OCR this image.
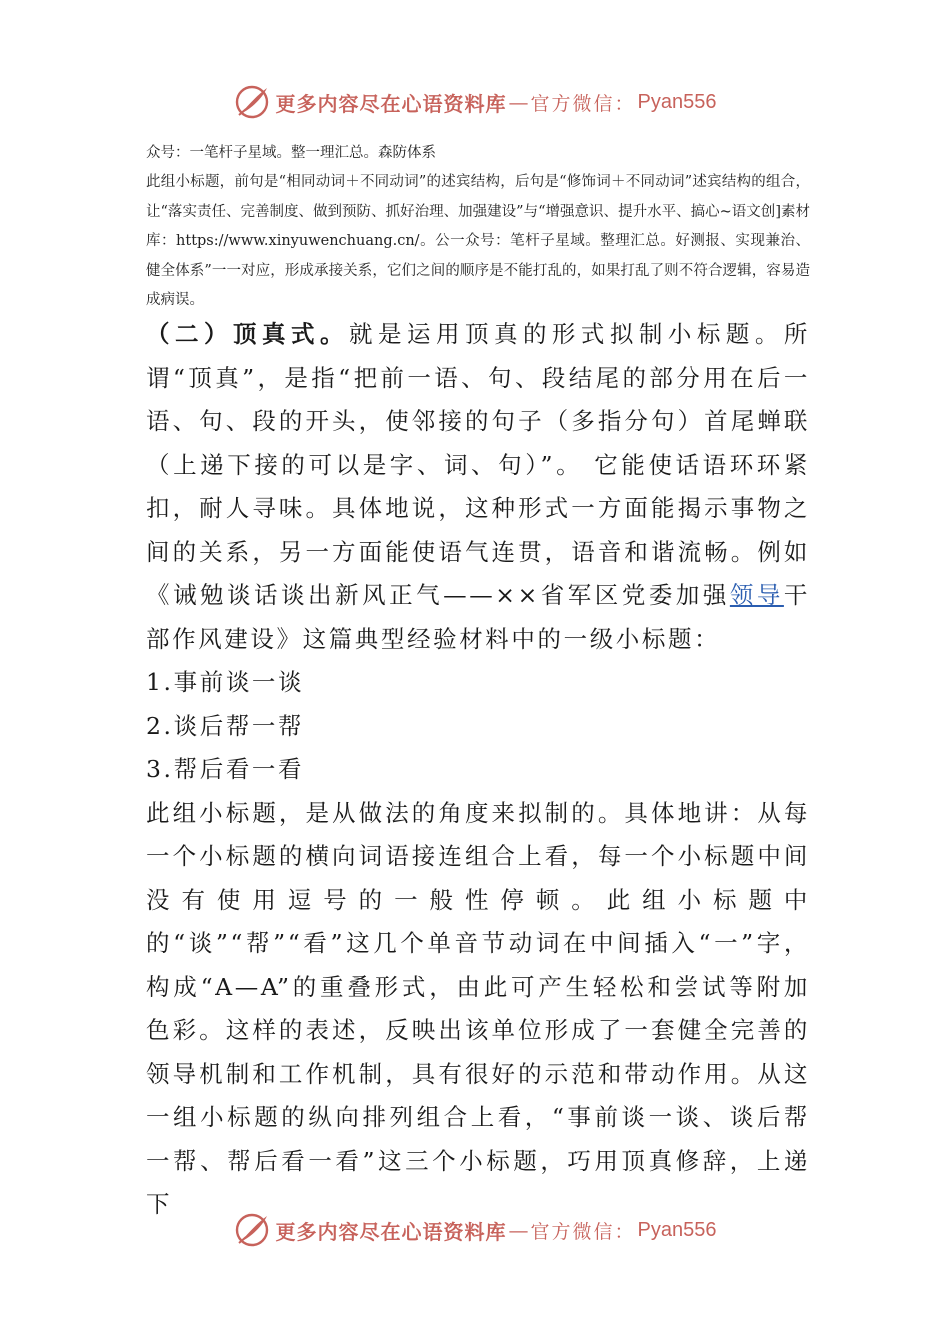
更多内容尽在心语资料库 — 官方微信： Pyan556

众号：一笔杆子星域。整一理汇总。森防体系

此组小标题，前句是“相同动词＋不同动词”的述宾结构，后句是“修饰词＋不同动词”述宾结构的组合，让“落实责任、完善制度、做到预防、抓好治理、加强建设”与“增强意识、提升水平、搞心~语文创]素材库：https://www.xinyuwenchuang.cn/。公一众号：笔杆子星域。整理汇总。好测报、实现兼治、健全体系”一一对应，形成承接关系，它们之间的顺序是不能打乱的，如果打乱了则不符合逻辑，容易造成病误。

（二）顶真式。就是运用顶真的形式拟制小标题。所谓“顶真”，是指“把前一语、句、段结尾的部分用在后一语、句、段的开头，使邻接的句子（多指分句）首尾蝉联（上递下接的可以是字、词、句）”。 它能使话语环环紧扣，耐人寻味。具体地说，这种形式一方面能揭示事物之间的关系，另一方面能使语气连贯，语音和谐流畅。例如《诫勉谈话谈出新风正气——××省军区党委加强领导干部作风建设》这篇典型经验材料中的一级小标题：

1.事前谈一谈

2.谈后帮一帮

3.帮后看一看

此组小标题，是从做法的角度来拟制的。具体地讲：从每一个小标题的横向词语接连组合上看，每一个小标题中间没有使用逗号的一般性停顿。此组小标题中的“谈”“帮”“看”这几个单音节动词在中间插入“一”字，构成“A—A”的重叠形式，由此可产生轻松和尝试等附加色彩。这样的表述，反映出该单位形成了一套健全完善的领导机制和工作机制，具有很好的示范和带动作用。从这一组小标题的纵向排列组合上看，“事前谈一谈、谈后帮一帮、帮后看一看”这三个小标题，巧用顶真修辞，上递下

更多内容尽在心语资料库 — 官方微信： Pyan556
